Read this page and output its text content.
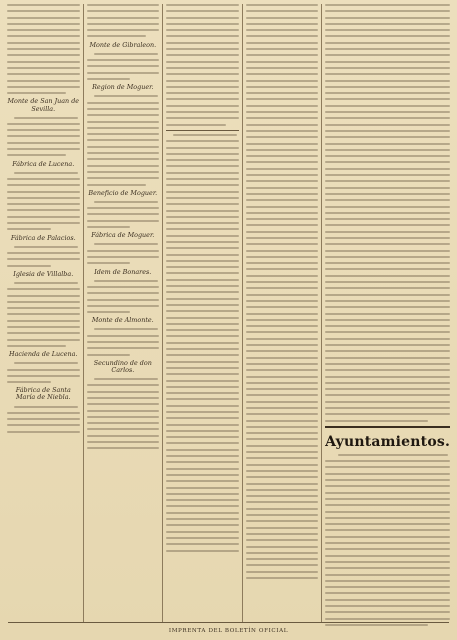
Monte de San Juan de Sevilla.
Fábrica de Lucena.
Fábrica de Palacios.
Iglesia de Villalba.
Hacienda de Lucena.
Fábrica de Santa María de Niebla.
Monte de Gibraleon.
Region de Moguer.
Beneficio de Moguer.
Fábrica de Moguer.
Idem de Bonares.
Monte de Almonte.
Secundino de don Carlos.
Ayuntamientos.
IMPRENTA DEL BOLETÍN OFICIAL
